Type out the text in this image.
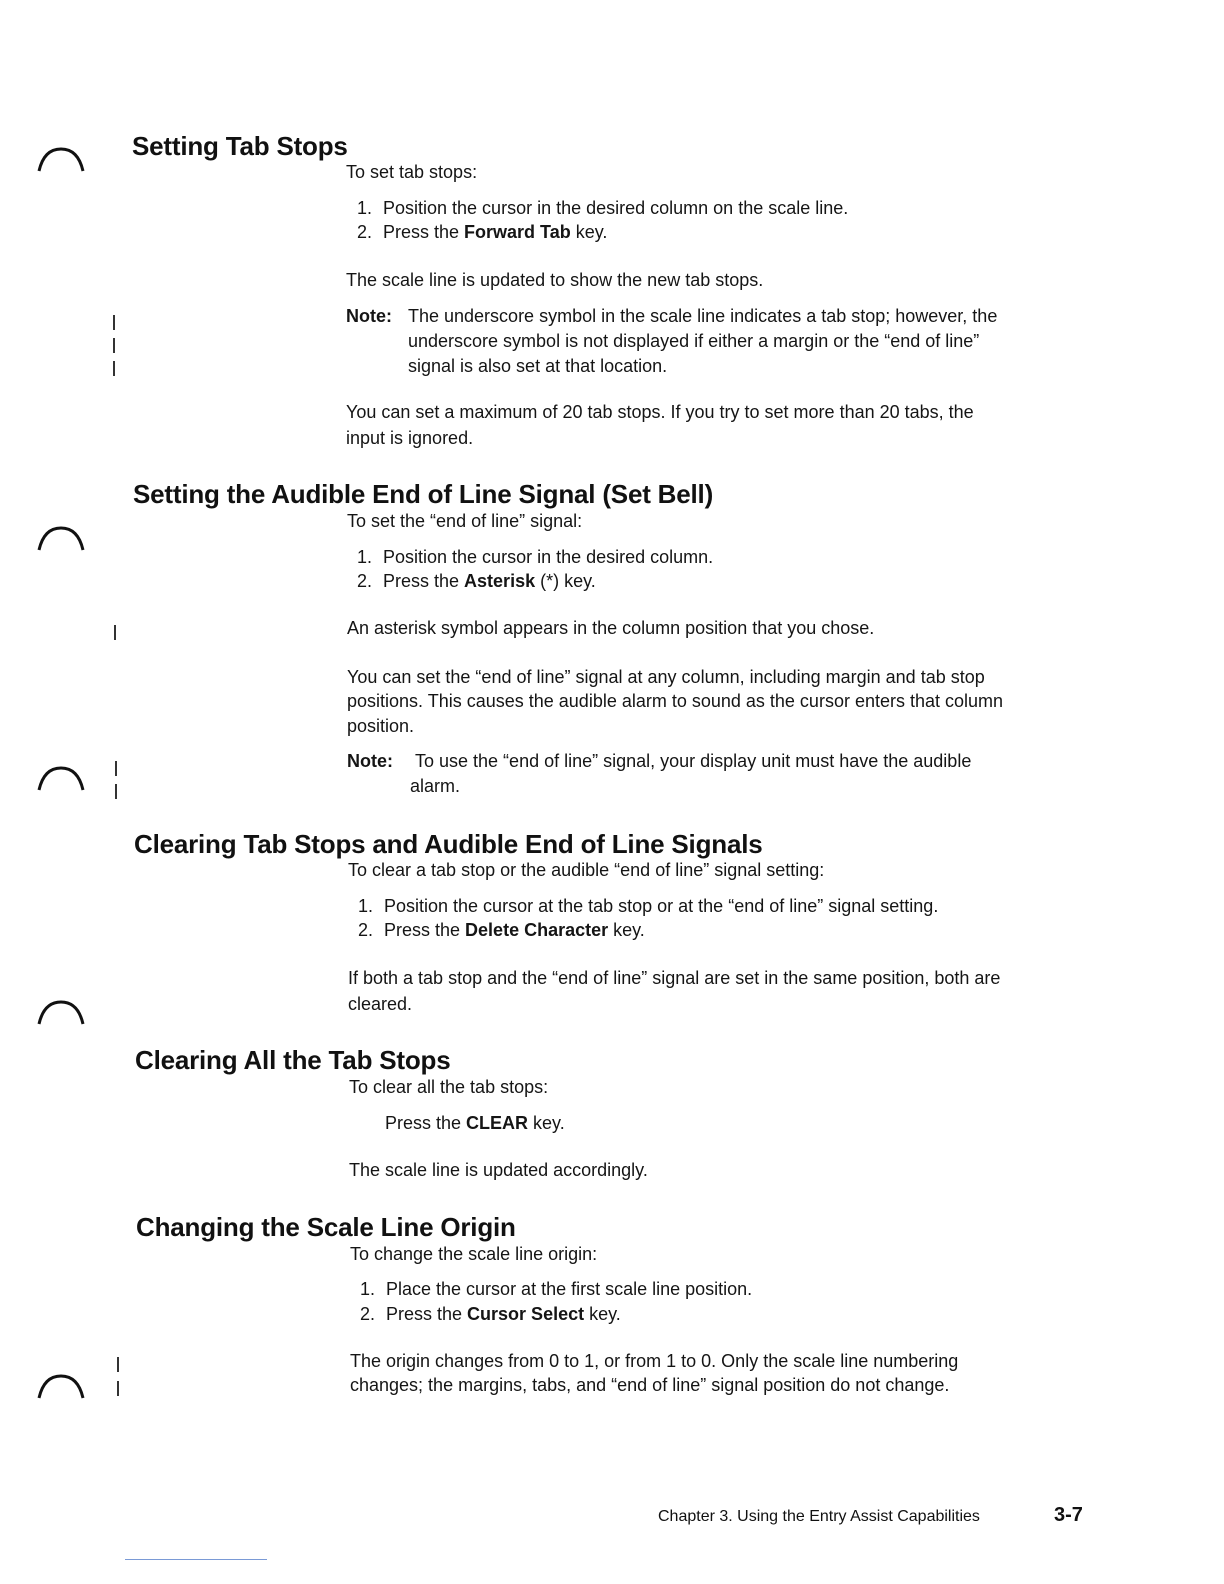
Setting Tab Stops
To set tab stops:
1. Position the cursor in the desired column on the scale line.
2. Press the Forward Tab key.
The scale line is updated to show the new tab stops.
Note: The underscore symbol in the scale line indicates a tab stop; however, the
underscore symbol is not displayed if either a margin or the “end of line”
signal is also set at that location.
You can set a maximum of 20 tab stops. If you try to set more than 20 tabs, the
input is ignored.
Setting the Audible End of Line Signal (Set Bell)
To set the “end of line” signal:
1. Position the cursor in the desired column.
2. Press the Asterisk (*) key.
An asterisk symbol appears in the column position that you chose.
You can set the “end of line” signal at any column, including margin and tab stop
positions. This causes the audible alarm to sound as the cursor enters that column
position.
Note: To use the “end of line” signal, your display unit must have the audible
alarm.
Clearing Tab Stops and Audible End of Line Signals
To clear a tab stop or the audible “end of line” signal setting:
1. Position the cursor at the tab stop or at the “end of line” signal setting.
2. Press the Delete Character key.
If both a tab stop and the “end of line” signal are set in the same position, both are
cleared.
Clearing All the Tab Stops
To clear all the tab stops:
Press the CLEAR key.
The scale line is updated accordingly.
Changing the Scale Line Origin
To change the scale line origin:
1. Place the cursor at the first scale line position.
2. Press the Cursor Select key.
The origin changes from 0 to 1, or from 1 to 0. Only the scale line numbering
changes; the margins, tabs, and “end of line” signal position do not change.
Chapter 3. Using the Entry Assist Capabilities	3-7
